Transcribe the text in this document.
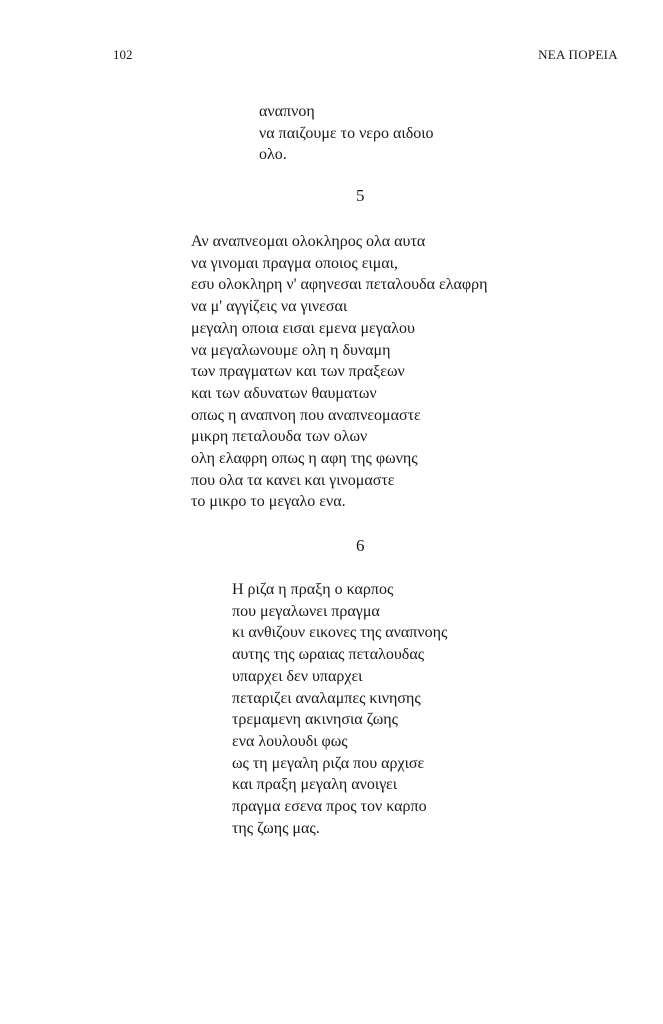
102	ΝΕΑ ΠΟΡΕΙΑ
αναπνοη
να παιζουμε το νερο αιδοιο
ολο.
5
Αν αναπνεομαι ολοκληρος ολα αυτα
να γινομαι πραγμα οποιος ειμαι,
εσυ ολοκληρη ν' αφηνεσαι πεταλουδα ελαφρη
να μ' αγγίζεις να γινεσαι
μεγαλη οποια εισαι εμενα μεγαλου
να μεγαλωνουμε ολη η δυναμη
των πραγματων και των πραξεων
και των αδυνατων θαυματων
οπως η αναπνοη που αναπνεομαστε
μικρη πεταλουδα των ολων
ολη ελαφρη οπως η αφη της φωνης
που ολα τα κανει και γινομαστε
το μικρο το μεγαλο ενα.
6
Η ριζα η πραξη ο καρπος
που μεγαλωνει πραγμα
κι ανθιζουν εικονες της αναπνοης
αυτης της ωραιας πεταλουδας
υπαρχει δεν υπαρχει
πεταριζει αναλαμπες κινησης
τρεμαμενη ακινησια ζωης
ενα λουλουδι φως
ως τη μεγαλη ριζα που αρχισε
και πραξη μεγαλη ανοιγει
πραγμα εσενα προς τον καρπο
της ζωης μας.
